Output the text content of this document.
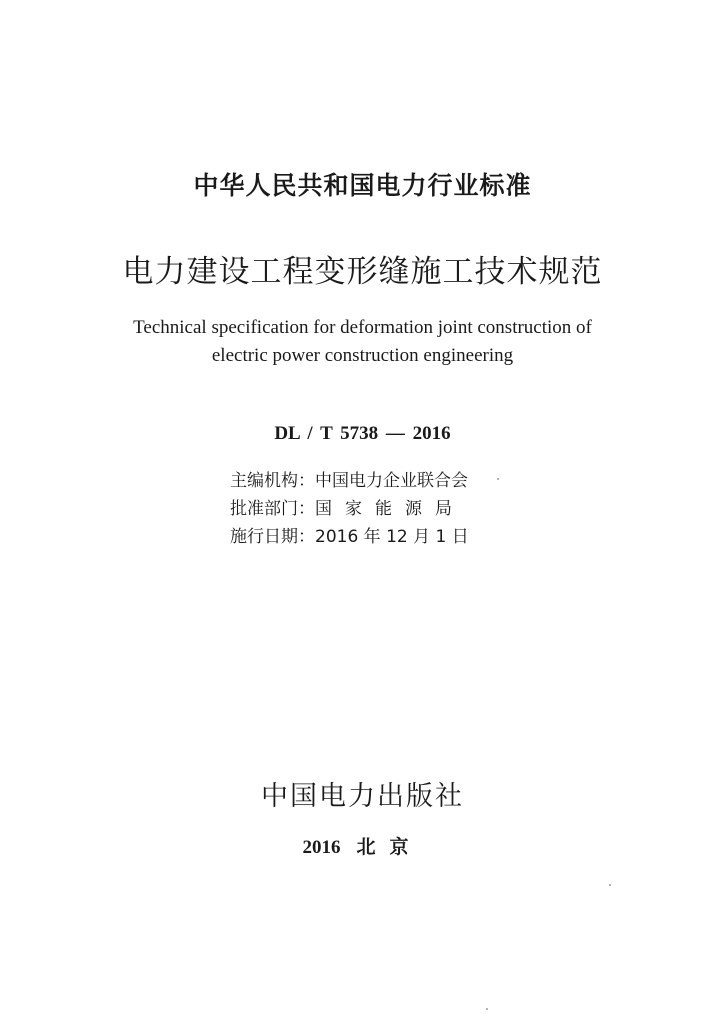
中华人民共和国电力行业标准
电力建设工程变形缝施工技术规范
Technical specification for deformation joint construction of
electric power construction engineering
DL / T 5738 — 2016
主编机构：中国电力企业联合会
批准部门：国家能源局
施行日期：2016 年 12 月 1 日
中国电力出版社
2016 北京
